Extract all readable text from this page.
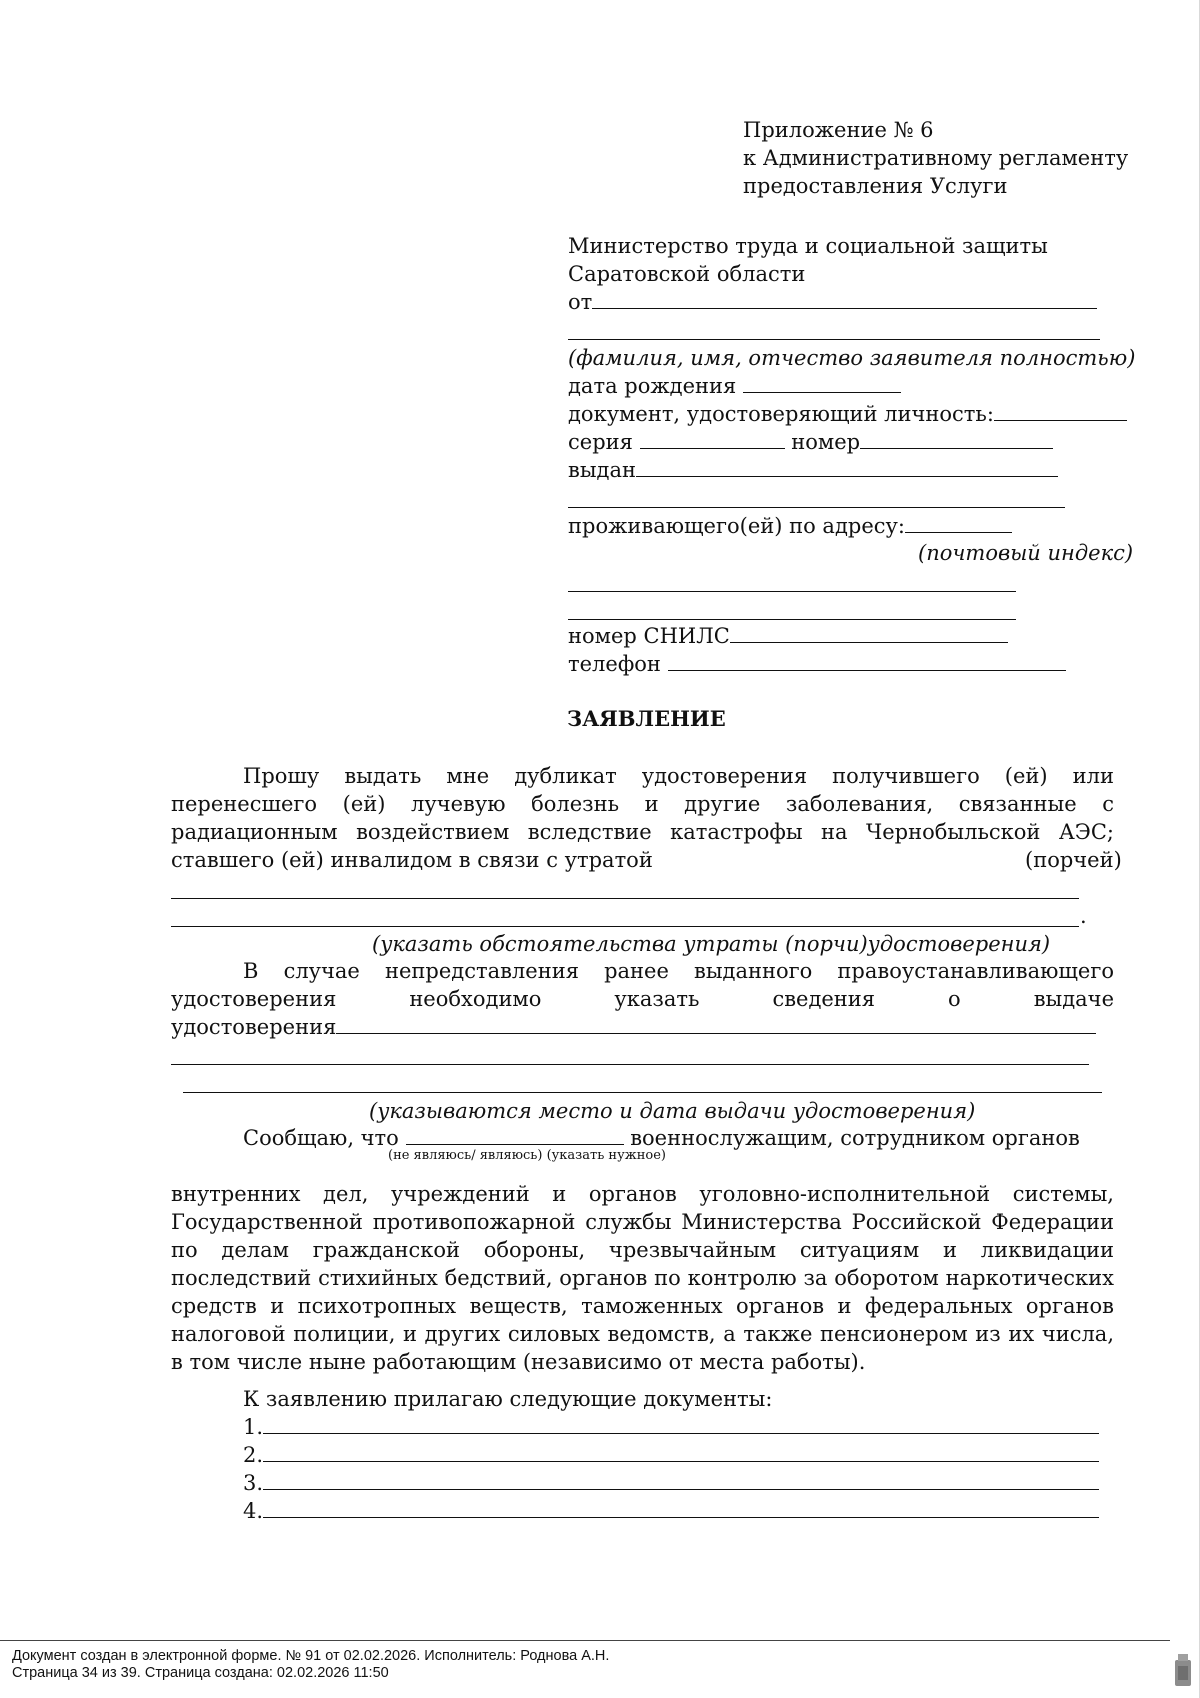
Приложение № 6
к Административному регламенту
предоставления Услуги
Министерство труда и социальной защиты
Саратовской области
от
(фамилия, имя, отчество заявителя полностью)
дата рождения
документ, удостоверяющий личность:
серия	номер
выдан
проживающего(ей) по адресу:
(почтовый индекс)
номер СНИЛС
телефон
ЗАЯВЛЕНИЕ
Прошу выдать мне дубликат удостоверения получившего (ей) или перенесшего (ей) лучевую болезнь и другие заболевания, связанные с радиационным воздействием вследствие катастрофы на Чернобыльской АЭС; ставшего (ей) инвалидом в связи с утратой	(порчей)
.
(указать обстоятельства утраты (порчи)удостоверения)
В случае непредставления ранее выданного правоустанавливающего удостоверения необходимо указать сведения о выдаче
удостоверения
(указываются место и дата выдачи удостоверения)
Сообщаю, что	военнослужащим, сотрудником органов
(не являюсь/ являюсь) (указать нужное)
внутренних дел, учреждений и органов уголовно-исполнительной системы, Государственной противопожарной службы Министерства Российской Федерации по делам гражданской обороны, чрезвычайным ситуациям и ликвидации последствий стихийных бедствий, органов по контролю за оборотом наркотических средств и психотропных веществ, таможенных органов и федеральных органов налоговой полиции, и других силовых ведомств, а также пенсионером из их числа, в том числе ныне работающим (независимо от места работы).
К заявлению прилагаю следующие документы:
1.
2.
3.
4.
Документ создан в электронной форме. № 91 от 02.02.2026. Исполнитель: Роднова А.Н.
Страница 34 из 39. Страница создана: 02.02.2026 11:50
